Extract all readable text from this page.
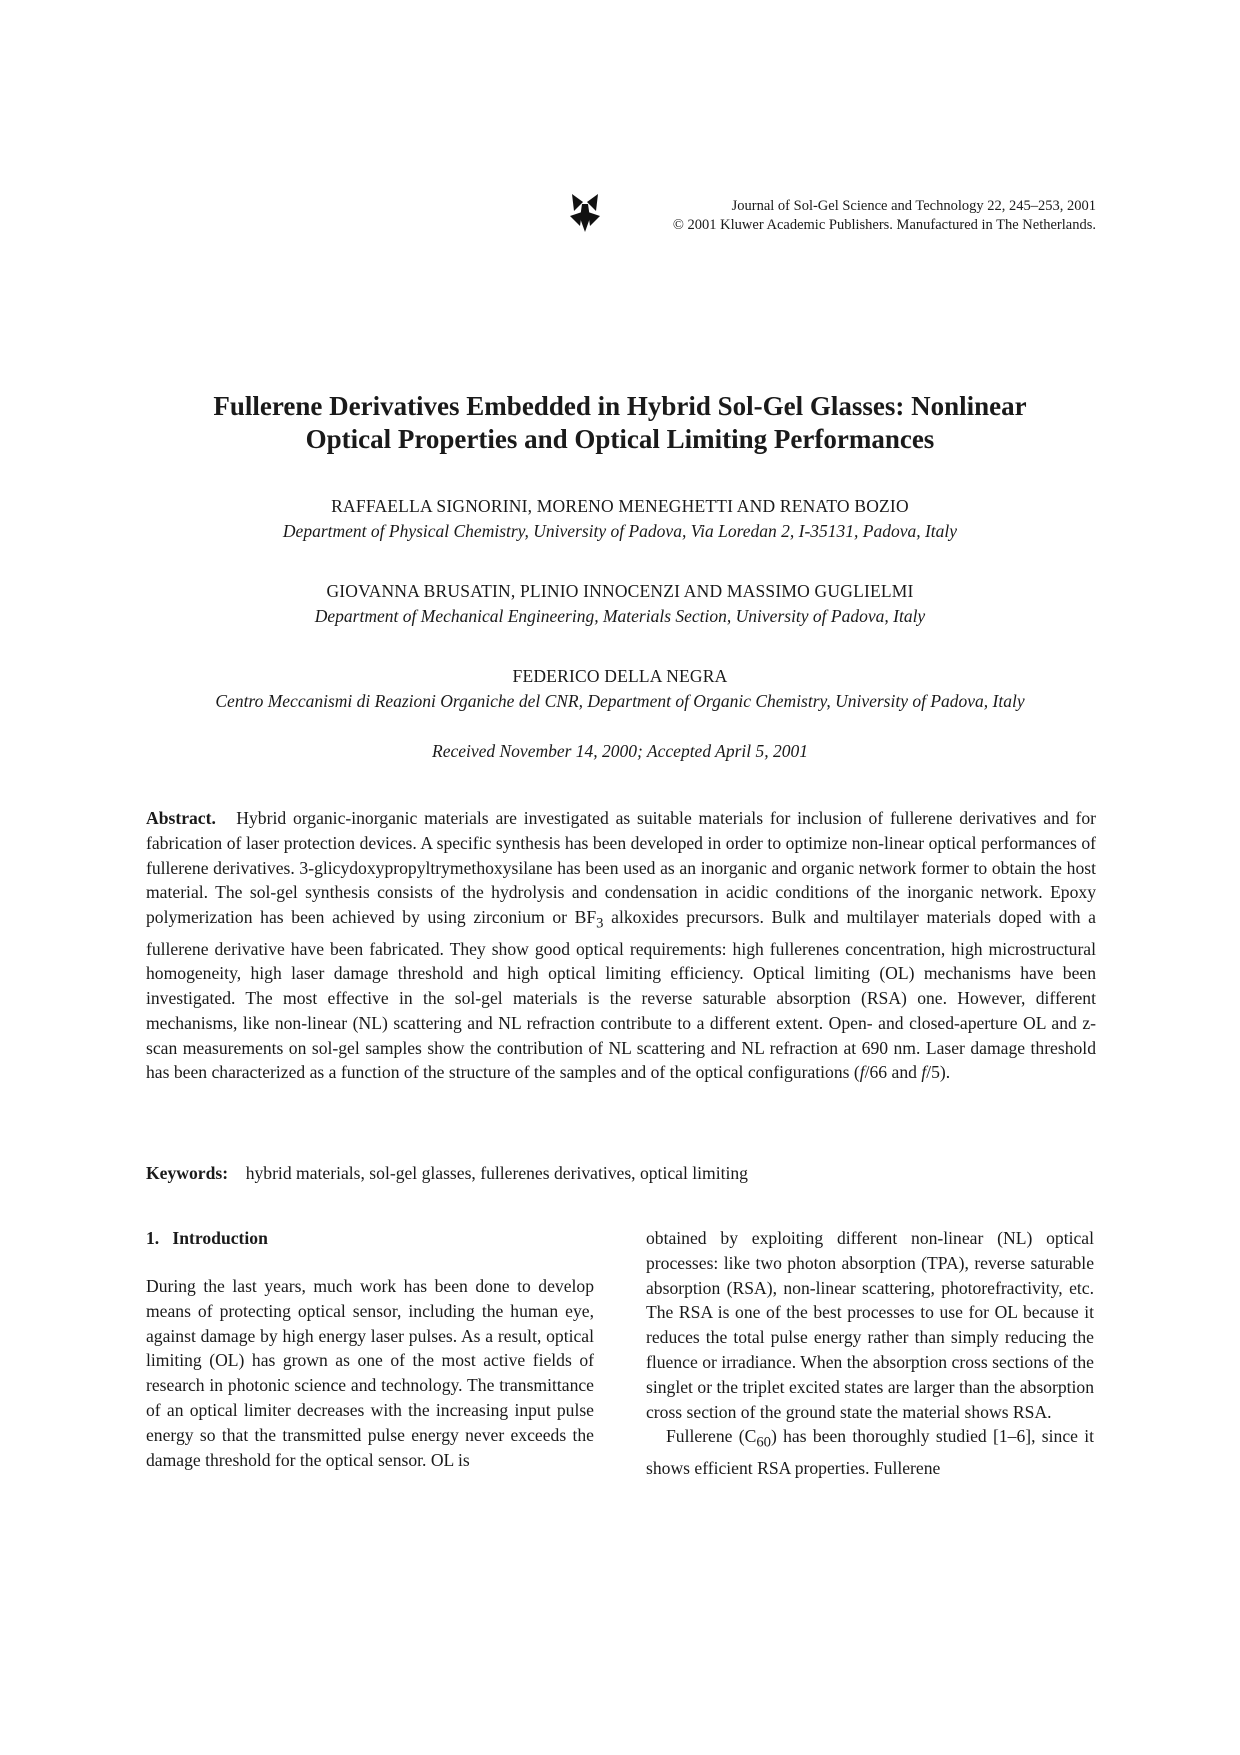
Journal of Sol-Gel Science and Technology 22, 245–253, 2001
© 2001 Kluwer Academic Publishers. Manufactured in The Netherlands.
Fullerene Derivatives Embedded in Hybrid Sol-Gel Glasses: Nonlinear
Optical Properties and Optical Limiting Performances

RAFFAELLA SIGNORINI, MORENO MENEGHETTI AND RENATO BOZIO

Department of Physical Chemistry, University of Padova, Via Loredan 2, I-35131, Padova, Italy

GIOVANNA BRUSATIN, PLINIO INNOCENZI AND MASSIMO GUGLIELMI

Department of Mechanical Engineering, Materials Section, University of Padova, Italy

FEDERICO DELLA NEGRA

Centro Meccanismi di Reazioni Organiche del CNR, Department of Organic Chemistry, University of Padova, Italy

Received November 14, 2000; Accepted April 5, 2001

Abstract. Hybrid organic-inorganic materials are investigated as suitable materials for inclusion of fullerene derivatives and for fabrication of laser protection devices. A specific synthesis has been developed in order to optimize non-linear optical performances of fullerene derivatives. 3-glicydoxypropyltrymethoxysilane has been used as an inorganic and organic network former to obtain the host material. The sol-gel synthesis consists of the hydrolysis and condensation in acidic conditions of the inorganic network. Epoxy polymerization has been achieved by using zirconium or $BF_3$ alkoxides precursors. Bulk and multilayer materials doped with a fullerene derivative have been fabricated. They show good optical requirements: high fullerenes concentration, high microstructural homogeneity, high laser damage threshold and high optical limiting efficiency. Optical limiting (OL) mechanisms have been investigated. The most effective in the sol-gel materials is the reverse saturable absorption (RSA) one. However, different mechanisms, like non-linear (NL) scattering and NL refraction contribute to a different extent. Open- and closed-aperture OL and z-scan measurements on sol-gel samples show the contribution of NL scattering and NL refraction at 690 nm. Laser damage threshold has been characterized as a function of the structure of the samples and of the optical configurations (f/66 and f/5).

Keywords: hybrid materials, sol-gel glasses, fullerenes derivatives, optical limiting

1.   Introduction

During the last years, much work has been done to develop means of protecting optical sensor, including the human eye, against damage by high energy laser pulses. As a result, optical limiting (OL) has grown as one of the most active fields of research in photonic science and technology. The transmittance of an optical limiter decreases with the increasing input pulse energy so that the transmitted pulse energy never exceeds the damage threshold for the optical sensor. OL is

obtained by exploiting different non-linear (NL) optical processes: like two photon absorption (TPA), reverse saturable absorption (RSA), non-linear scattering, photorefractivity, etc. The RSA is one of the best processes to use for OL because it reduces the total pulse energy rather than simply reducing the fluence or irradiance. When the absorption cross sections of the singlet or the triplet excited states are larger than the absorption cross section of the ground state the material shows RSA.

Fullerene $(C_{60})$ has been thoroughly studied [1–6], since it shows efficient RSA properties. Fullerene
